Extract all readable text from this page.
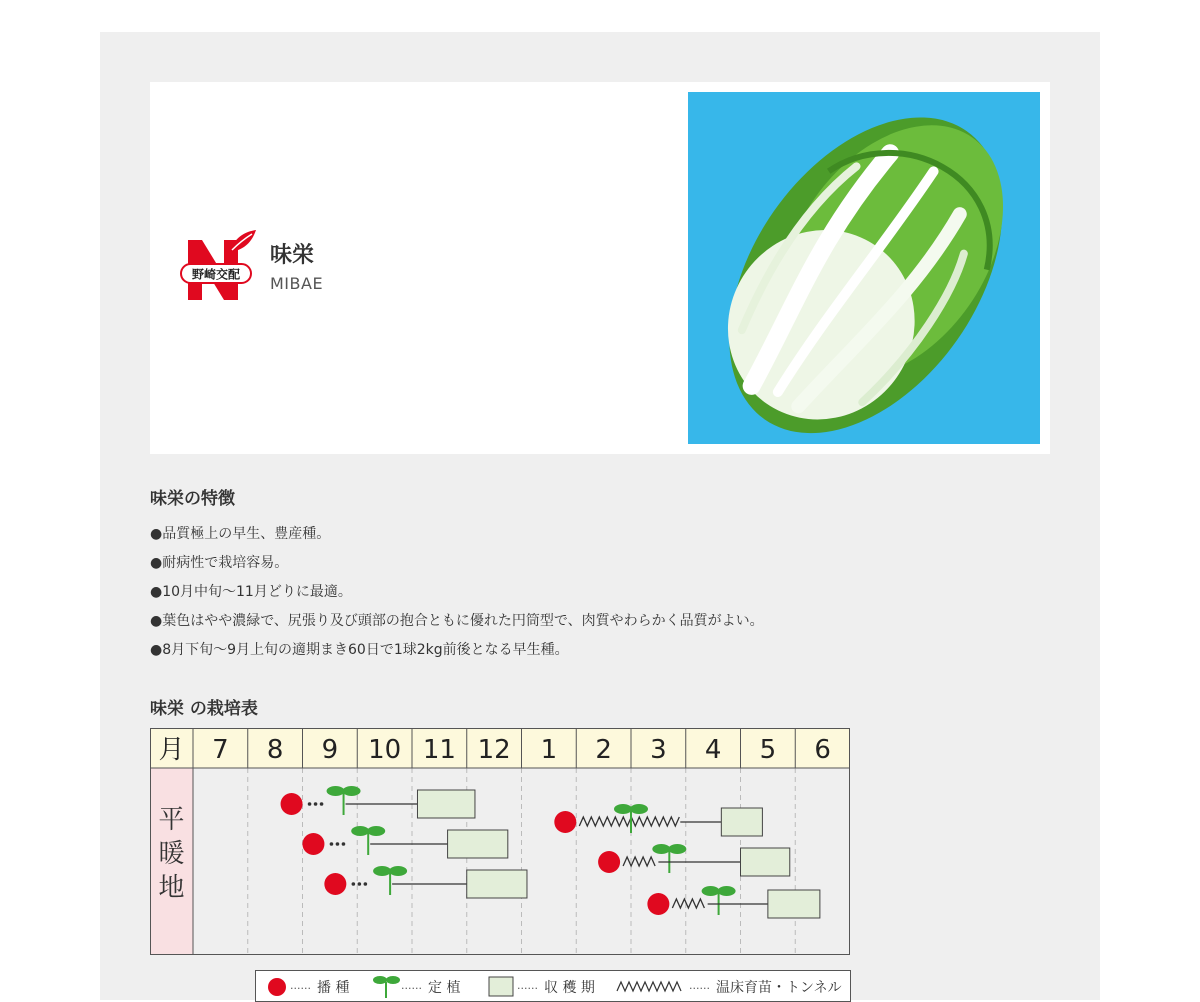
野崎交配
味栄
MIBAE
味栄の特徴
●品質極上の早生、豊産種。
●耐病性で栽培容易。
●10月中旬〜11月どりに最適。
●葉色はやや濃緑で、尻張り及び頭部の抱合ともに優れた円筒型で、肉質やわらかく品質がよい。
●8月下旬〜9月上旬の適期まき60日で1球2kg前後となる早生種。
味栄 の栽培表
月 7 8 9 10 11 12 1 2 3 4 5 6
平
暖
地
······ 播 種	······ 定 植	······ 収 穫 期	······ 温床育苗・トンネル
